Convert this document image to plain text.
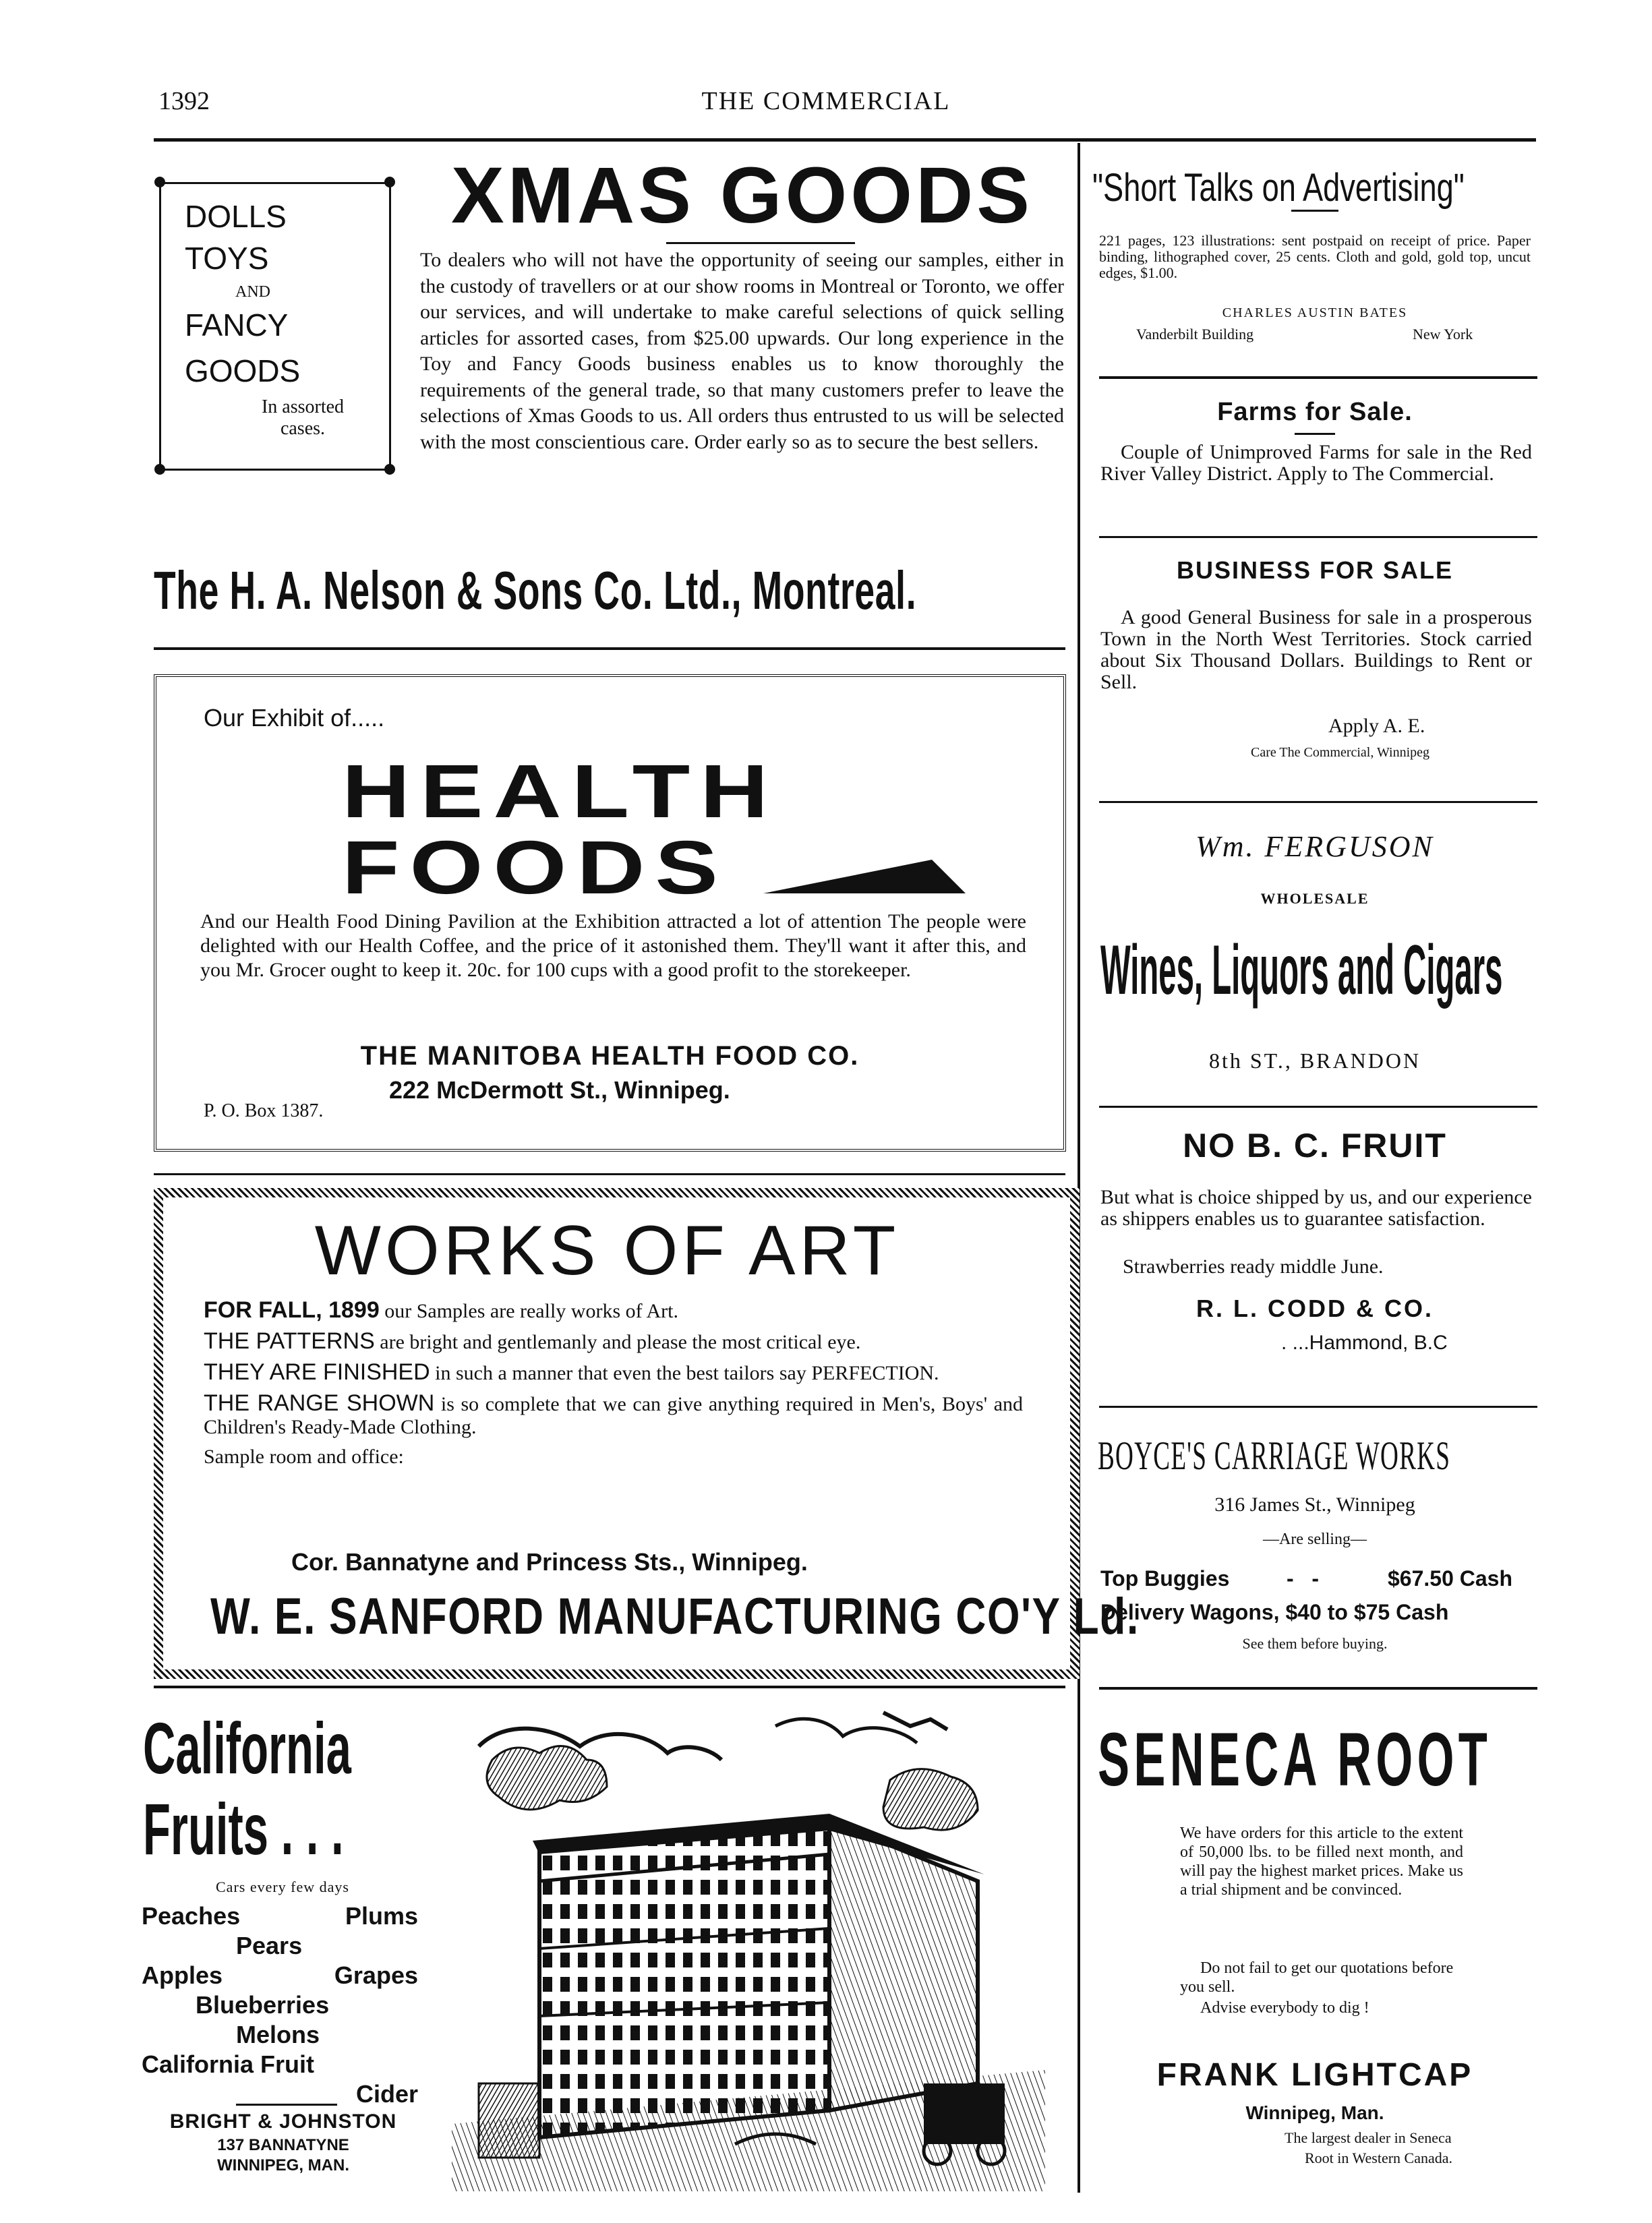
1392	THE COMMERCIAL
DOLLS
TOYS
AND
FANCY
GOODS
In assorted
cases.
XMAS GOODS
To dealers who will not have the opportunity of seeing our samples, either in the custody of travellers or at our show rooms in Montreal or Toronto, we offer our services, and will undertake to make careful selections of quick selling articles for assorted cases, from $25.00 upwards. Our long experience in the Toy and Fancy Goods business enables us to know thoroughly the requirements of the general trade, so that many customers prefer to leave the selections of Xmas Goods to us. All orders thus entrusted to us will be selected with the most conscientious care. Order early so as to secure the best sellers.
The H. A. Nelson & Sons Co. Ltd., Montreal.
Our Exhibit of.....
HEALTH
FOODS
And our Health Food Dining Pavilion at the Exhibition attracted a lot of attention The people were delighted with our Health Coffee, and the price of it astonished them. They'll want it after this, and you Mr. Grocer ought to keep it. 20c. for 100 cups with a good profit to the storekeeper.
THE MANITOBA HEALTH FOOD CO.
222 McDermott St., Winnipeg.
P. O. Box 1387.
WORKS OF ART
FOR FALL, 1899 our Samples are really works of Art.
THE PATTERNS are bright and gentlemanly and please the most critical eye.
THEY ARE FINISHED in such a manner that even the best tailors say PERFECTION.
THE RANGE SHOWN is so complete that we can give anything required in Men's, Boys' and Children's Ready-Made Clothing.
Sample room and office:
Cor. Bannatyne and Princess Sts., Winnipeg.
W. E. SANFORD MANUFACTURING CO'Y Ld.
California
Fruits . . .
Cars every few days
Peaches	Plums
Pears
Apples	Grapes
Blueberries
Melons
California Fruit
Cider
BRIGHT & JOHNSTON
137 BANNATYNE
WINNIPEG, MAN.
"Short Talks on Advertising"
221 pages, 123 illustrations: sent postpaid on receipt of price. Paper binding, lithographed cover, 25 cents. Cloth and gold, gold top, uncut edges, $1.00.
CHARLES AUSTIN BATES
Vanderbilt Building	New York
Farms for Sale.
Couple of Unimproved Farms for sale in the Red River Valley District. Apply to The Commercial.
BUSINESS FOR SALE
A good General Business for sale in a prosperous Town in the North West Territories. Stock carried about Six Thousand Dollars. Buildings to Rent or Sell.
Apply A. E.
Care The Commercial, Winnipeg
Wm. FERGUSON
WHOLESALE
Wines, Liquors and Cigars
8th ST., BRANDON
NO B. C. FRUIT
But what is choice shipped by us, and our experience as shippers enables us to guarantee satisfaction.
Strawberries ready middle June.
R. L. CODD & CO.
. ...Hammond, B.C
BOYCE'S CARRIAGE WORKS
316 James St., Winnipeg
—Are selling—
Top Buggies	-   -	$67.50 Cash
Delivery Wagons, $40 to $75 Cash
See them before buying.
SENECA ROOT
We have orders for this article to the extent of 50,000 lbs. to be filled next month, and will pay the highest market prices. Make us a trial shipment and be convinced.
Do not fail to get our quotations before you sell.
Advise everybody to dig !
FRANK LIGHTCAP
Winnipeg, Man.
The largest dealer in Seneca
Root in Western Canada.
